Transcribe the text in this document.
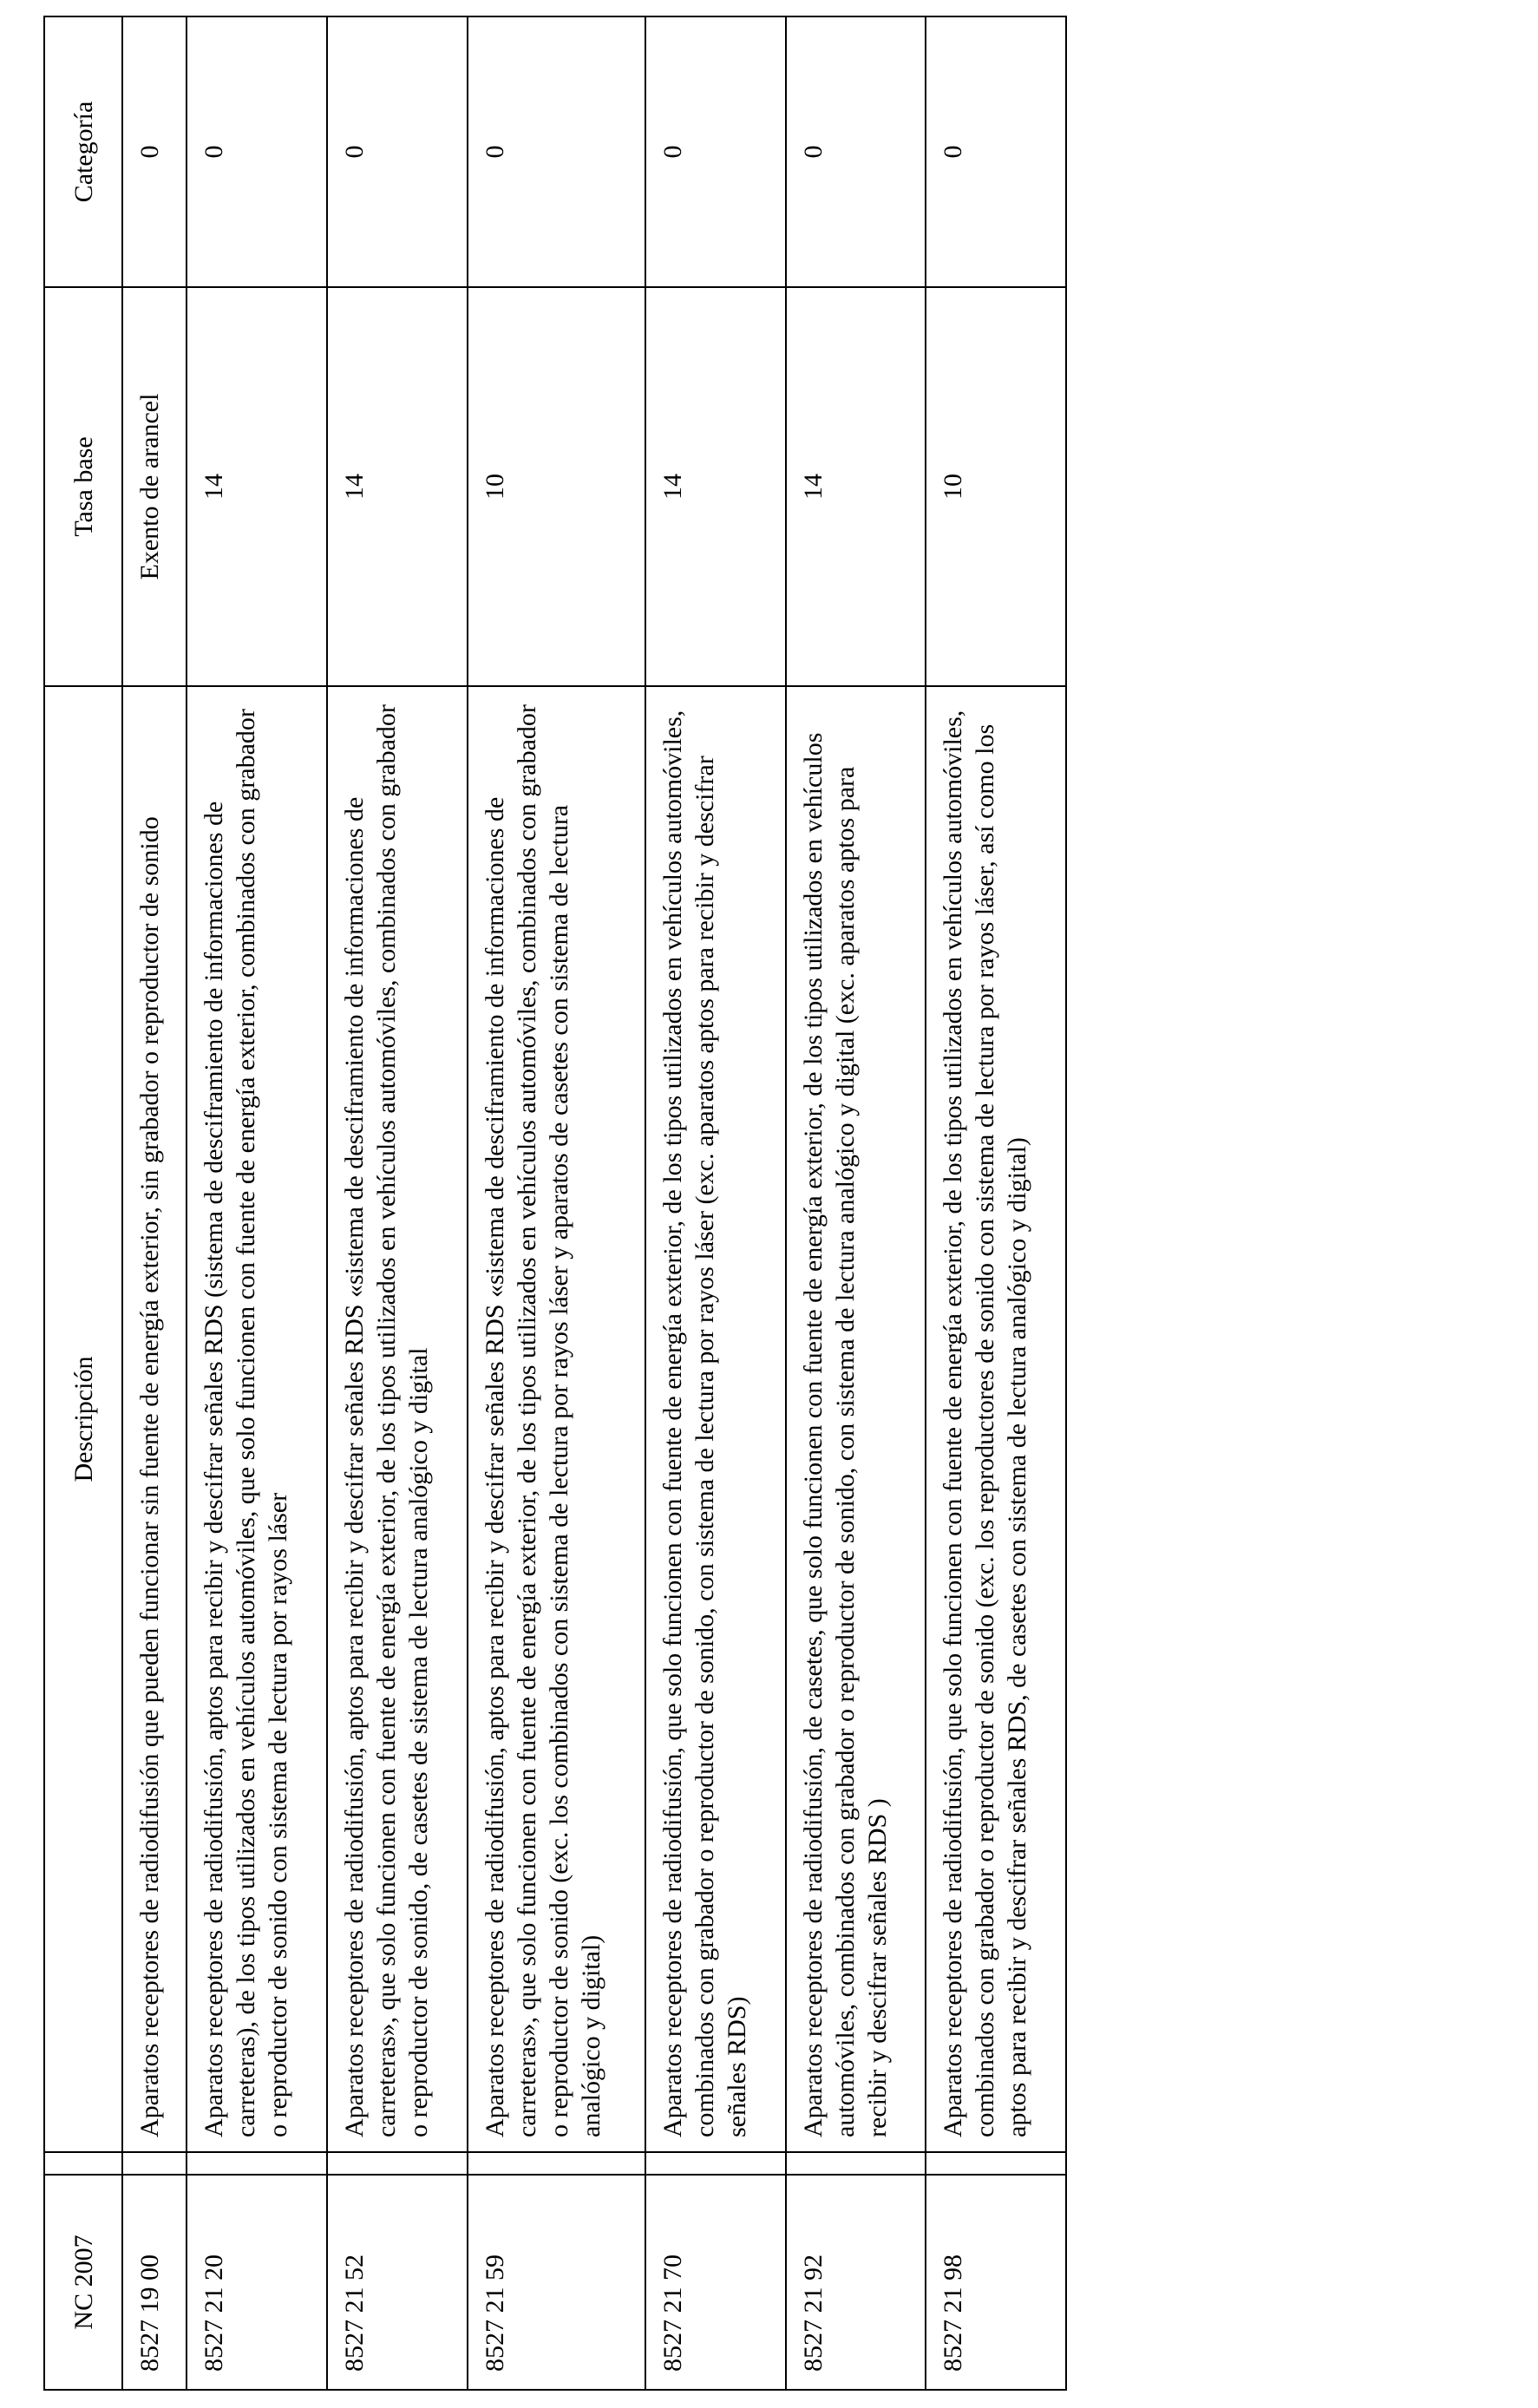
NC 2007		Descripción	Tasa base	Categoría
8527 19 00		Aparatos receptores de radiodifusión que pueden funcionar sin fuente de energía exterior, sin grabador o reproductor de sonido	Exento de arancel	0
8527 21 20		Aparatos receptores de radiodifusión, aptos para recibir y descifrar señales RDS (sistema de desciframiento de informaciones de carreteras), de los tipos utilizados en vehículos automóviles, que solo funcionen con fuente de energía exterior, combinados con grabador o reproductor de sonido con sistema de lectura por rayos láser	14	0
8527 21 52		Aparatos receptores de radiodifusión, aptos para recibir y descifrar señales RDS «sistema de desciframiento de informaciones de carreteras», que solo funcionen con fuente de energía exterior, de los tipos utilizados en vehículos automóviles, combinados con grabador o reproductor de sonido, de casetes de sistema de lectura analógico y digital	14	0
8527 21 59		Aparatos receptores de radiodifusión, aptos para recibir y descifrar señales RDS «sistema de desciframiento de informaciones de carreteras», que solo funcionen con fuente de energía exterior, de los tipos utilizados en vehículos automóviles, combinados con grabador o reproductor de sonido (exc. los combinados con sistema de lectura por rayos láser y aparatos de casetes con sistema de lectura analógico y digital)	10	0
8527 21 70		Aparatos receptores de radiodifusión, que solo funcionen con fuente de energía exterior, de los tipos utilizados en vehículos automóviles, combinados con grabador o reproductor de sonido, con sistema de lectura por rayos láser (exc. aparatos aptos para recibir y descifrar señales RDS)	14	0
8527 21 92		Aparatos receptores de radiodifusión, de casetes, que solo funcionen con fuente de energía exterior, de los tipos utilizados en vehículos automóviles, combinados con grabador o reproductor de sonido, con sistema de lectura analógico y digital (exc. aparatos aptos para recibir y descifrar señales RDS )	14	0
8527 21 98		Aparatos receptores de radiodifusión, que solo funcionen con fuente de energía exterior, de los tipos utilizados en vehículos automóviles, combinados con grabador o reproductor de sonido (exc. los reproductores de sonido con sistema de lectura por rayos láser, así como los aptos para recibir y descifrar señales RDS, de casetes con sistema de lectura analógico y digital)	10	0
